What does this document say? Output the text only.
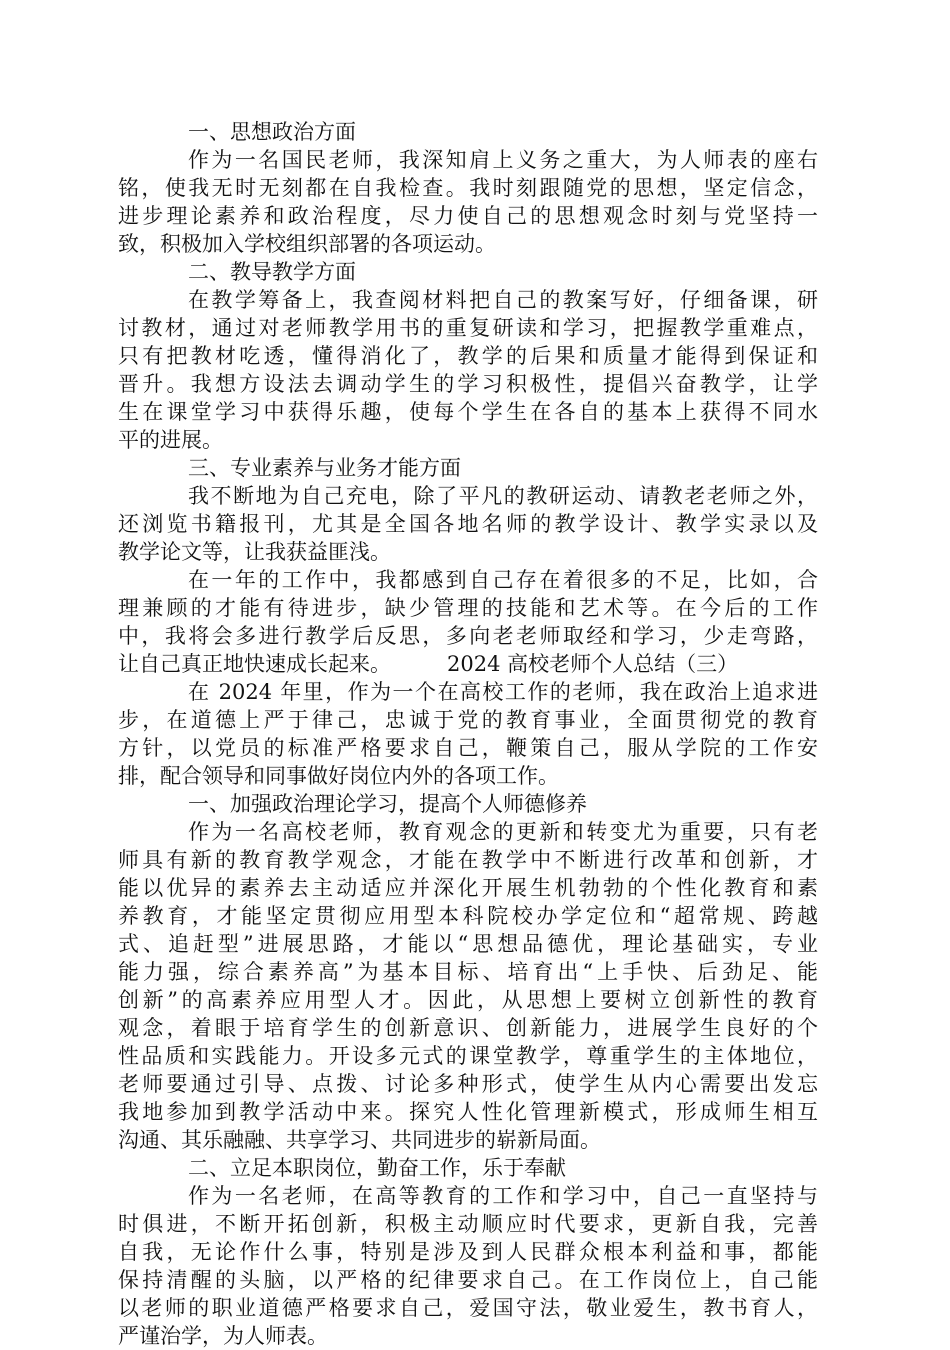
一、思想政治方面
作为一名国民老师，我深知肩上义务之重大，为人师表的座右
铭，使我无时无刻都在自我检查。我时刻跟随党的思想，坚定信念，
进步理论素养和政治程度，尽力使自己的思想观念时刻与党坚持一
致，积极加入学校组织部署的各项运动。
二、教导教学方面
在教学筹备上，我查阅材料把自己的教案写好，仔细备课，研
讨教材，通过对老师教学用书的重复研读和学习，把握教学重难点，
只有把教材吃透，懂得消化了，教学的后果和质量才能得到保证和
晋升。我想方设法去调动学生的学习积极性，提倡兴奋教学，让学
生在课堂学习中获得乐趣，使每个学生在各自的基本上获得不同水
平的进展。
三、专业素养与业务才能方面
我不断地为自己充电，除了平凡的教研运动、请教老老师之外，
还浏览书籍报刊，尤其是全国各地名师的教学设计、教学实录以及
教学论文等，让我获益匪浅。
在一年的工作中，我都感到自己存在着很多的不足，比如，合
理兼顾的才能有待进步，缺少管理的技能和艺术等。在今后的工作
中，我将会多进行教学后反思，多向老老师取经和学习，少走弯路，
让自己真正地快速成长起来。	2024 高校老师个人总结（三）
在 2024 年里，作为一个在高校工作的老师，我在政治上追求进
步，在道德上严于律己，忠诚于党的教育事业，全面贯彻党的教育
方针，以党员的标准严格要求自己，鞭策自己，服从学院的工作安
排，配合领导和同事做好岗位内外的各项工作。
一、加强政治理论学习，提高个人师德修养
作为一名高校老师，教育观念的更新和转变尤为重要，只有老
师具有新的教育教学观念，才能在教学中不断进行改革和创新，才
能以优异的素养去主动适应并深化开展生机勃勃的个性化教育和素
养教育，才能坚定贯彻应用型本科院校办学定位和“超常规、跨越
式、追赶型”进展思路，才能以“思想品德优，理论基础实，专业
能力强，综合素养高”为基本目标、培育出“上手快、后劲足、能
创新”的高素养应用型人才。因此，从思想上要树立创新性的教育
观念，着眼于培育学生的创新意识、创新能力，进展学生良好的个
性品质和实践能力。开设多元式的课堂教学，尊重学生的主体地位，
老师要通过引导、点拨、讨论多种形式，使学生从内心需要出发忘
我地参加到教学活动中来。探究人性化管理新模式，形成师生相互
沟通、其乐融融、共享学习、共同进步的崭新局面。
二、立足本职岗位，勤奋工作，乐于奉献
作为一名老师，在高等教育的工作和学习中，自己一直坚持与
时俱进，不断开拓创新，积极主动顺应时代要求，更新自我，完善
自我，无论作什么事，特别是涉及到人民群众根本利益和事，都能
保持清醒的头脑，以严格的纪律要求自己。在工作岗位上，自己能
以老师的职业道德严格要求自己，爱国守法，敬业爱生，教书育人，
严谨治学，为人师表。
